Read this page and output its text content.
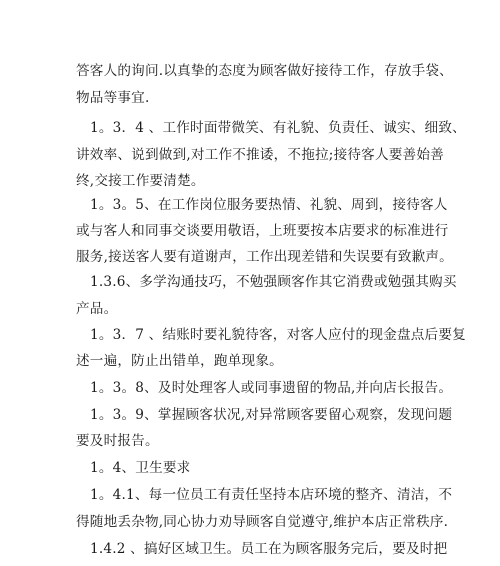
答客人的询问.以真挚的态度为顾客做好接待工作，存放手袋、
物品等事宜.
1。3．4 、工作时面带微笑、有礼貌、负责任、诚实、细致、
讲效率、说到做到,对工作不推诿，不拖拉;接待客人要善始善
终,交接工作要清楚。
1。3。5、在工作岗位服务要热情、礼貌、周到，接待客人
或与客人和同事交谈要用敬语，上班要按本店要求的标准进行
服务,接送客人要有道谢声，工作出现差错和失误要有致歉声。
1.3.6、多学沟通技巧，不勉强顾客作其它消费或勉强其购买
产品。
1。3．7 、结账时要礼貌待客，对客人应付的现金盘点后要复
述一遍，防止出错单，跑单现象。
1。3。8、及时处理客人或同事遗留的物品,并向店长报告。
1。3。9、掌握顾客状况,对异常顾客要留心观察，发现问题
要及时报告。
1。4、卫生要求
1。4.1、每一位员工有责任坚持本店环境的整齐、清洁，不
得随地丢杂物,同心协力劝导顾客自觉遵守,维护本店正常秩序.
1.4.2 、搞好区域卫生。员工在为顾客服务完后，要及时把
